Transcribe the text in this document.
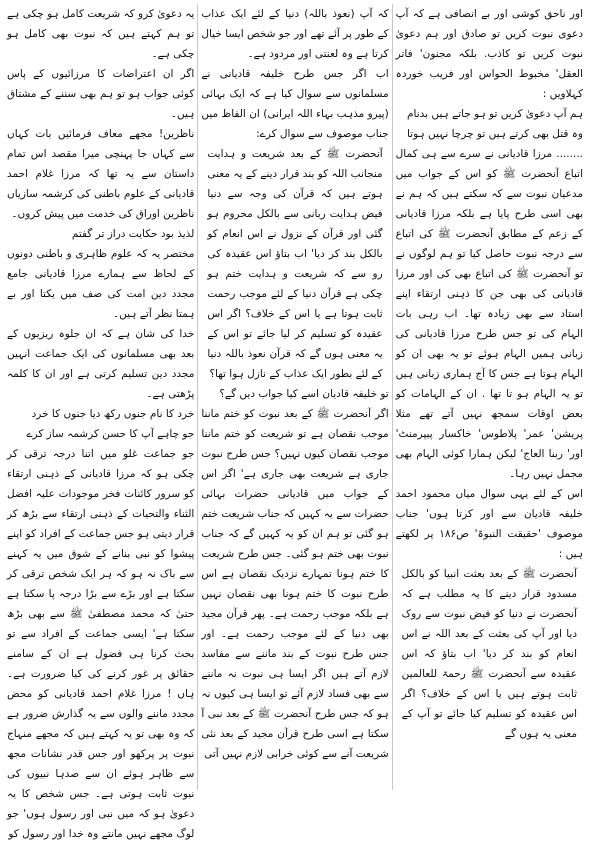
اور ناحق کوشی اور بے انصافی ہے کہ آپ دعوی نبوت کریں تو صادق اور ہم دعویٰ نبوت کریں تو کاذب. بلکہ مجنون' فاتر العقل' مخبوط الحواس اور فریب خوردہ کہلاویں :

ہم آپ دعویٰ کریں تو ہو جاتے ہیں بدنام

وہ قتل بھی کرتے ہیں تو چرچا نہیں ہوتا

........ مرزا قادیانی نے سرے سے ہی کمال اتباع آنحضرت ﷺ کو اس کے جواب میں مدعیان نبوت سے کہ سکتے ہیں کہ ہم نے بھی اسی طرح پایا ہے بلکہ مرزا قادیانی کے زعم کے مطابق آنحضرت ﷺ کی اتباع سے درجہ نبوت حاصل کیا تو ہم لوگوں نے تو آنحضرت ﷺ کی اتباع بھی کی اور مرزا قادیانی کی بھی جن کا ذہنی ارتقاء اپنے استاد سے بھی زیادہ تھا۔ اب رہی بات الہام کی تو جس طرح مرزا قادیانی کی زبانی ہمیں الہام ہوئے تو یہ بھی ان کو الہام ہوتا ہے جس کا آج ہماری زبانی ہیں تو یہ الہام ہو تا تھا . ان کے الہامات کو بعض اوقات سمجھ نہیں آتے تھے مثلا پریشن' عمر' پلاطوس' خاکسار پیپرمنٹ' اور' ربنا العاج' لیکن ہمارا کوئی الہام بھی مجمل نہیں رہا۔

اس کے لئے یہی سوال میاں محمود احمد خلیفہ قادیان سے اور کرتا ہوں' جناب موصوف 'حقیقت النبوۃ' ص۱۸۶ پر لکھتے ہیں :

آنحضرت ﷺ کے بعد بعثت انبیا کو بالکل مسدود قرار دینے کا یہ مطلب ہے کہ آنحضرت نے دنیا کو فیض نبوت سے روک دیا اور آپ کی بعثت کے بعد اللہ نے اس انعام کو بند کر دیا' اب بتاؤ کہ اس عقیدہ سے آنحضرت ﷺ رحمۃ للعالمین ثابت ہوتے ہیں یا اس کے خلاف؟ اگر اس عقیدہ کو تسلیم کیا جائے تو آپ کے معنی یہ ہوں گے

کہ آپ (نعوذ باللہ) دنیا کے لئے ایک عذاب کے طور پر آئے تھے اور جو شخص ایسا خیال کرتا ہے وہ لعنتی اور مردود ہے۔

اب اگر جس طرح خلیفہ قادیانی نے مسلمانوں سے سوال کیا ہے کہ ایک بہائی (پیرو مذہب بہاء اللہ ایرانی) ان الفاظ میں جناب موصوف سے سوال کرے:

آنحضرت ﷺ کے بعد شریعت و ہدایت منجانب اللہ کو بند قرار دینے کے یہ معنی ہوتے ہیں کہ قرآن کی وجہ سے دنیا فیض ہدایت ربانی سے بالکل محروم ہو گئی اور قرآن کے نزول نے اس انعام کو بالکل بند کر دیا' اب بتاؤ اس عقیدہ کی رو سے کہ شریعت و ہدایت ختم ہو چکی ہے قرآن دنیا کے لئے موجب رحمت ثابت ہوتا ہے یا اس کے خلاف؟ اگر اس عقیدہ کو تسلیم کر لیا جائے تو اس کے یہ معنی ہوں گے کہ قرآن نعوذ باللہ دنیا کے لئے بطور ایک عذاب کے نازل ہوا تھا؟

تو خلیفہ قادیان اسے کیا جواب دیں گے؟

اگر آنحضرت ﷺ کے بعد نبوت کو ختم ماننا موجب نقصان ہے تو شریعت کو ختم ماننا موجب نقصان کیوں نہیں؟ جس طرح نبوت جاری ہے شریعت بھی جاری ہے' اگر اس کے جواب میں قادیانی حضرات بہائی حضرات سے یہ کہیں کہ جناب شریعت ختم ہو گئی تو ہم ان کو یہ کہیں گے کہ جناب نبوت بھی ختم ہو گئی۔ جس طرح شریعت کا ختم ہونا تمہارے نزدیک نقصان ہے اس طرح نبوت کا ختم ہونا بھی نقصان نہیں ہے بلکہ موجب رحمت ہے۔ پھر قرآن مجید بھی دنیا کے لئے موجب رحمت ہے۔ اور جس طرح نبوت کے بند ماننے سے مفاسد لازم آتے ہیں اگر ایسا ہی نبوت نہ ماننے سے بھی فساد لازم آئے تو ایسا ہی کیوں نہ ہو کہ جس طرح آنحضرت ﷺ کے بعد نبی آ سکتا ہے اسی طرح قرآن مجید کے بعد نئی شریعت آنے سے کوئی خرابی لازم نہیں آتی

یہ دعویٰ کرو کہ شریعت کامل ہو چکی ہے تو ہم کہتے ہیں کہ نبوت بھی کامل ہو چکی ہے۔

اگر ان اعتراضات کا مرزائیوں کے پاس کوئی جواب ہو تو ہم بھی سننے کے مشتاق ہیں۔

ناظرین! مجھے معاف فرمائیں بات کہاں سے کہاں جا پہنچی میرا مقصد اس تمام داستان سے یہ تھا کہ مرزا غلام احمد قادیانی کے علوم باطنی کی کرشمہ سازیاں ناظرین اوراق کی خدمت میں پیش کروں۔

لذیذ بود حکایت دراز تر گفتم

مختصر یہ کہ علوم ظاہری و باطنی دونوں کے لحاظ سے ہمارے مرزا قادیانی جامع مجدد دین امت کی صف میں یکتا اور بے ہمتا نظر آتے ہیں۔

خدا کی شان ہے کہ ان جلوہ ریزیوں کے بعد بھی مسلمانوں کی ایک جماعت انہیں مجدد دین تسلیم کرتی ہے اور ان کا کلمہ پڑھتی ہے۔

خرد کا نام جنوں رکھ دیا جنوں کا خرد

جو چاہے آپ کا حسن کرشمہ ساز کرے

جو جماعت غلو میں اتنا درجہ ترقی کر چکی ہو کہ مرزا قادیانی کے ذہنی ارتقاء کو سرور کائنات فخر موجودات علیہ افضل الثناء والتحیات کے ذہنی ارتقاء سے بڑھ کر قرار دیتی ہو جس جماعت کے افراد کو اپنے پیشوا کو نبی بنانے کے شوق میں یہ کہنے سے باک نہ ہو کہ ہر ایک شخص ترقی کر سکتا ہے اور بڑے سے بڑا درجہ پا سکتا ہے حتیٰ کہ محمد مصطفیٰ ﷺ سے بھی بڑھ سکتا ہے' ایسی جماعت کے افراد سے تو بحث کرنا ہی فضول ہے ان کے سامنے حقائق پر غور کرنے کی کیا ضرورت ہے۔ ہاں ! مرزا غلام احمد قادیانی کو محض مجدد ماننے والوں سے یہ گذارش ضرور ہے کہ وہ بھی تو یہ کہتے ہیں کہ مجھے منہاج نبوت پر پرکھو اور جس قدر نشانات مجھ سے ظاہر ہوئے ان سے صدہا نبیوں کی نبوت ثابت ہوتی ہے۔ جس شخص کا یہ دعویٰ ہو کہ میں نبی اور رسول ہوں' جو لوگ مجھے نہیں مانتے وہ خدا اور رسول کو
